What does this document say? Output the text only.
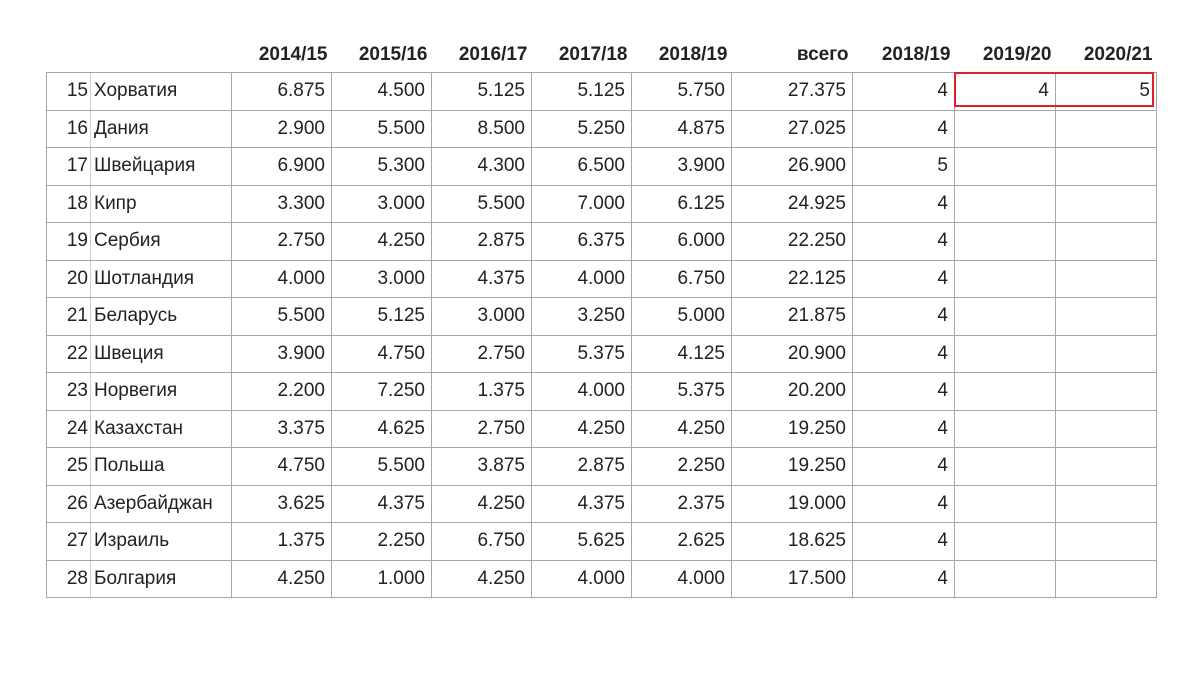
		2014/15	2015/16	2016/17	2017/18	2018/19	всего	2018/19	2019/20	2020/21
15	Хорватия	6.875	4.500	5.125	5.125	5.750	27.375	4	4	5
16	Дания	2.900	5.500	8.500	5.250	4.875	27.025	4		
17	Швейцария	6.900	5.300	4.300	6.500	3.900	26.900	5		
18	Кипр	3.300	3.000	5.500	7.000	6.125	24.925	4		
19	Сербия	2.750	4.250	2.875	6.375	6.000	22.250	4		
20	Шотландия	4.000	3.000	4.375	4.000	6.750	22.125	4		
21	Беларусь	5.500	5.125	3.000	3.250	5.000	21.875	4		
22	Швеция	3.900	4.750	2.750	5.375	4.125	20.900	4		
23	Норвегия	2.200	7.250	1.375	4.000	5.375	20.200	4		
24	Казахстан	3.375	4.625	2.750	4.250	4.250	19.250	4		
25	Польша	4.750	5.500	3.875	2.875	2.250	19.250	4		
26	Азербайджан	3.625	4.375	4.250	4.375	2.375	19.000	4		
27	Израиль	1.375	2.250	6.750	5.625	2.625	18.625	4		
28	Болгария	4.250	1.000	4.250	4.000	4.000	17.500	4		
